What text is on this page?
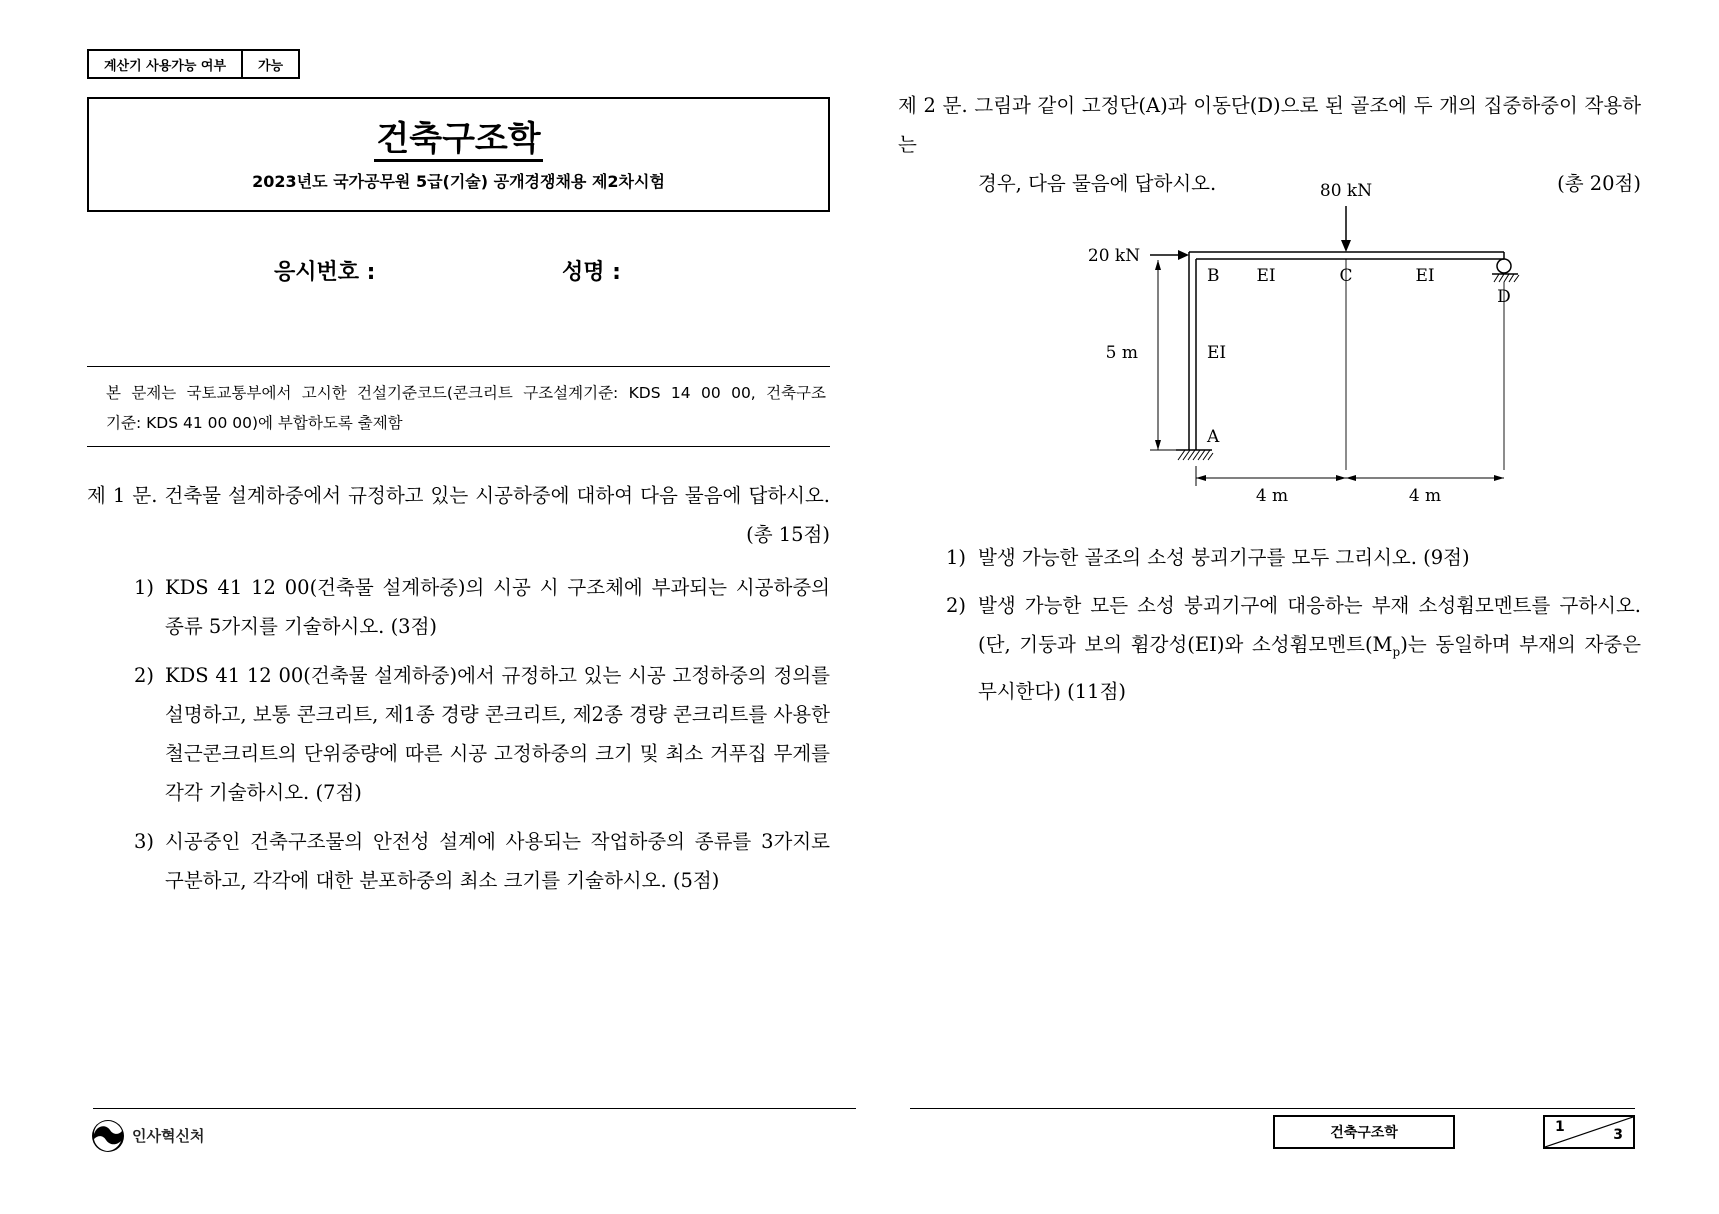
계산기 사용가능 여부	가능
건축구조학
2023년도 국가공무원 5급(기술) 공개경쟁채용 제2차시험
응시번호 :	성명 :
본 문제는 국토교통부에서 고시한 건설기준코드(콘크리트 구조설계기준: KDS 14 00 00, 건축구조
기준: KDS 41 00 00)에 부합하도록 출제함
제 1 문. 건축물 설계하중에서 규정하고 있는 시공하중에 대하여 다음 물음에 답하시오.
(총 15점)
1) KDS 41 12 00(건축물 설계하중)의 시공 시 구조체에 부과되는 시공하중의
종류 5가지를 기술하시오. (3점)
2) KDS 41 12 00(건축물 설계하중)에서 규정하고 있는 시공 고정하중의 정의를
설명하고, 보통 콘크리트, 제1종 경량 콘크리트, 제2종 경량 콘크리트를 사용한
철근콘크리트의 단위중량에 따른 시공 고정하중의 크기 및 최소 거푸집 무게를
각각 기술하시오. (7점)
3) 시공중인 건축구조물의 안전성 설계에 사용되는 작업하중의 종류를 3가지로
구분하고, 각각에 대한 분포하중의 최소 크기를 기술하시오. (5점)
제 2 문. 그림과 같이 고정단(A)과 이동단(D)으로 된 골조에 두 개의 집중하중이 작용하는
경우, 다음 물음에 답하시오.	(총 20점)
80 kN
20 kN
B EI	C	EI
D
EI
5 m
A
4 m	4 m
1) 발생 가능한 골조의 소성 붕괴기구를 모두 그리시오. (9점)
2) 발생 가능한 모든 소성 붕괴기구에 대응하는 부재 소성휨모멘트를 구하시오.
(단, 기둥과 보의 휨강성(EI)와 소성휨모멘트$(M_p)$는 동일하며 부재의 자중은
무시한다) (11점)
인사혁신처	건축구조학	1	3
